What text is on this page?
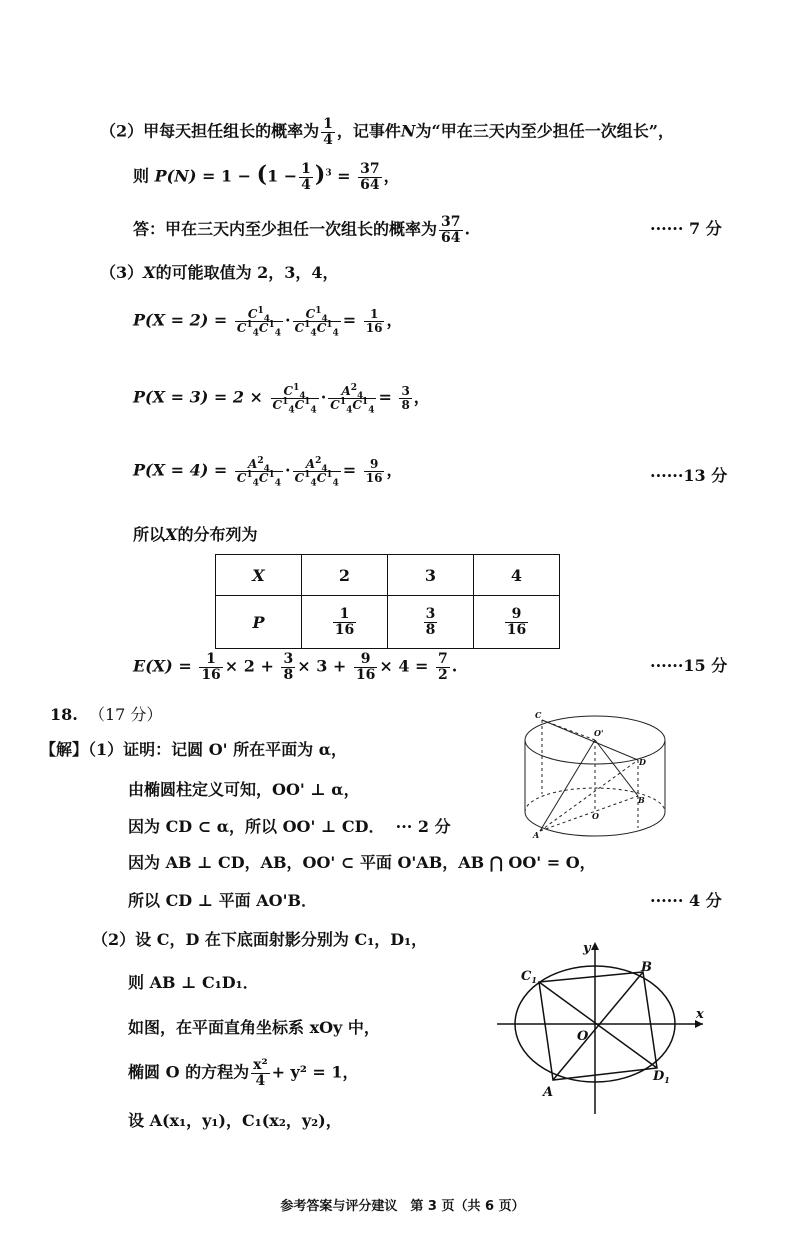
（2）甲每天担任组长的概率为 $\frac{1}{4}$ ，记事件N为“甲在三天内至少担任一次组长”，
则 $P(N) = 1 - (1 - \frac{1}{4} )^3 = \frac{37}{64}$ ，
答：甲在三天内至少担任一次组长的概率为 $\frac{37}{64}$ .	······ 7 分
（3）X的可能取值为 2，3，4，
$P(X = 2) = \frac{C^1_4}{C^1_4C^1_4} \cdot \frac{C^1_4}{C^1_4C^1_4} = \frac{1}{16}$ ，
$P(X = 3) = 2 \times \frac{C^1_4}{C^1_4C^1_4} \cdot \frac{A^2_4}{C^1_4C^1_4} = \frac{3}{8}$ ，
$P(X = 4) = \frac{A^2_4}{C^1_4C^1_4} \cdot \frac{A^2_4}{C^1_4C^1_4} = \frac{9}{16}$ ，	······13 分
所以X的分布列为
X	2	3	4
P	$\frac{1}{16}$	$\frac{3}{8}$	$\frac{9}{16}$
$E(X) = \frac{1}{16} \times 2 + \frac{3}{8} \times 3 + \frac{9}{16} \times 4 = \frac{7}{2}$ .	······15 分
18. （17 分）
【解】（1）证明：记圆 O' 所在平面为 α，
由椭圆柱定义可知，OO' ⊥ α，
因为 CD ⊂ α，所以 OO' ⊥ CD． ··· 2 分
因为 AB ⊥ CD，AB，OO' ⊂ 平面 O'AB，AB ⋂ OO' = O，
所以 CD ⊥ 平面 AO'B．	······ 4 分
（2）设 C，D 在下底面射影分别为 C₁，D₁，
则 AB ⊥ C₁D₁．
如图，在平面直角坐标系 xOy 中，
椭圆 O 的方程为 $\frac{\text{x²}}{4} + y^2 = 1$，
设 A(x₁，y₁)，C₁(x₂，y₂)，
C
O'
D
B
O
A
x
y
O
B
$C_1$
A
$D_1$
参考答案与评分建议　第 3 页（共 6 页）
